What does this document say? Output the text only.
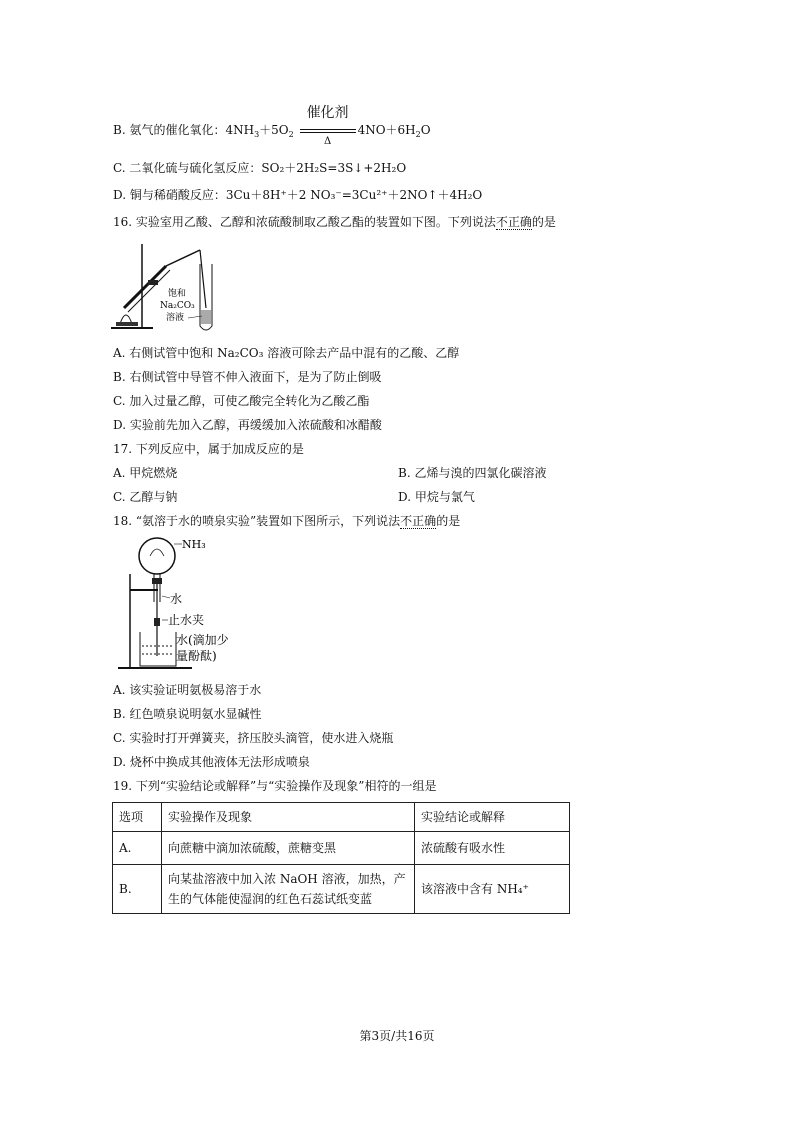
B. 氨气的催化氧化：$4NH_3+5O_2 \frac{\text{催化剂}}{\Delta} 4NO+6H_2O$
C. 二氧化硫与硫化氢反应：SO₂＋2H₂S=3S↓+2H₂O
D. 铜与稀硝酸反应：3Cu＋8H⁺＋2 NO₃⁻=3Cu²⁺＋2NO↑＋4H₂O
16. 实验室用乙酸、乙醇和浓硫酸制取乙酸乙酯的装置如下图。下列说法不正确的是
饱和
Na₂CO₃
溶液
A. 右侧试管中饱和 Na₂CO₃ 溶液可除去产品中混有的乙酸、乙醇
B. 右侧试管中导管不伸入液面下，是为了防止倒吸
C. 加入过量乙醇，可使乙酸完全转化为乙酸乙酯
D. 实验前先加入乙醇，再缓缓加入浓硫酸和冰醋酸
17. 下列反应中，属于加成反应的是
A. 甲烷燃烧	B. 乙烯与溴的四氯化碳溶液
C. 乙醇与钠	D. 甲烷与氯气
18. “氨溶于水的喷泉实验”装置如下图所示，下列说法不正确的是
NH₃
水
止水夹
水(滴加少
量酚酞)
A. 该实验证明氨极易溶于水
B. 红色喷泉说明氨水显碱性
C. 实验时打开弹簧夹，挤压胶头滴管，使水进入烧瓶
D. 烧杯中换成其他液体无法形成喷泉
19. 下列“实验结论或解释”与“实验操作及现象”相符的一组是
选项	实验操作及现象	实验结论或解释
A.	向蔗糖中滴加浓硫酸，蔗糖变黑	浓硫酸有吸水性
B.	向某盐溶液中加入浓 NaOH 溶液，加热，产
生的气体能使湿润的红色石蕊试纸变蓝	该溶液中含有 NH₄⁺
第3页/共16页
